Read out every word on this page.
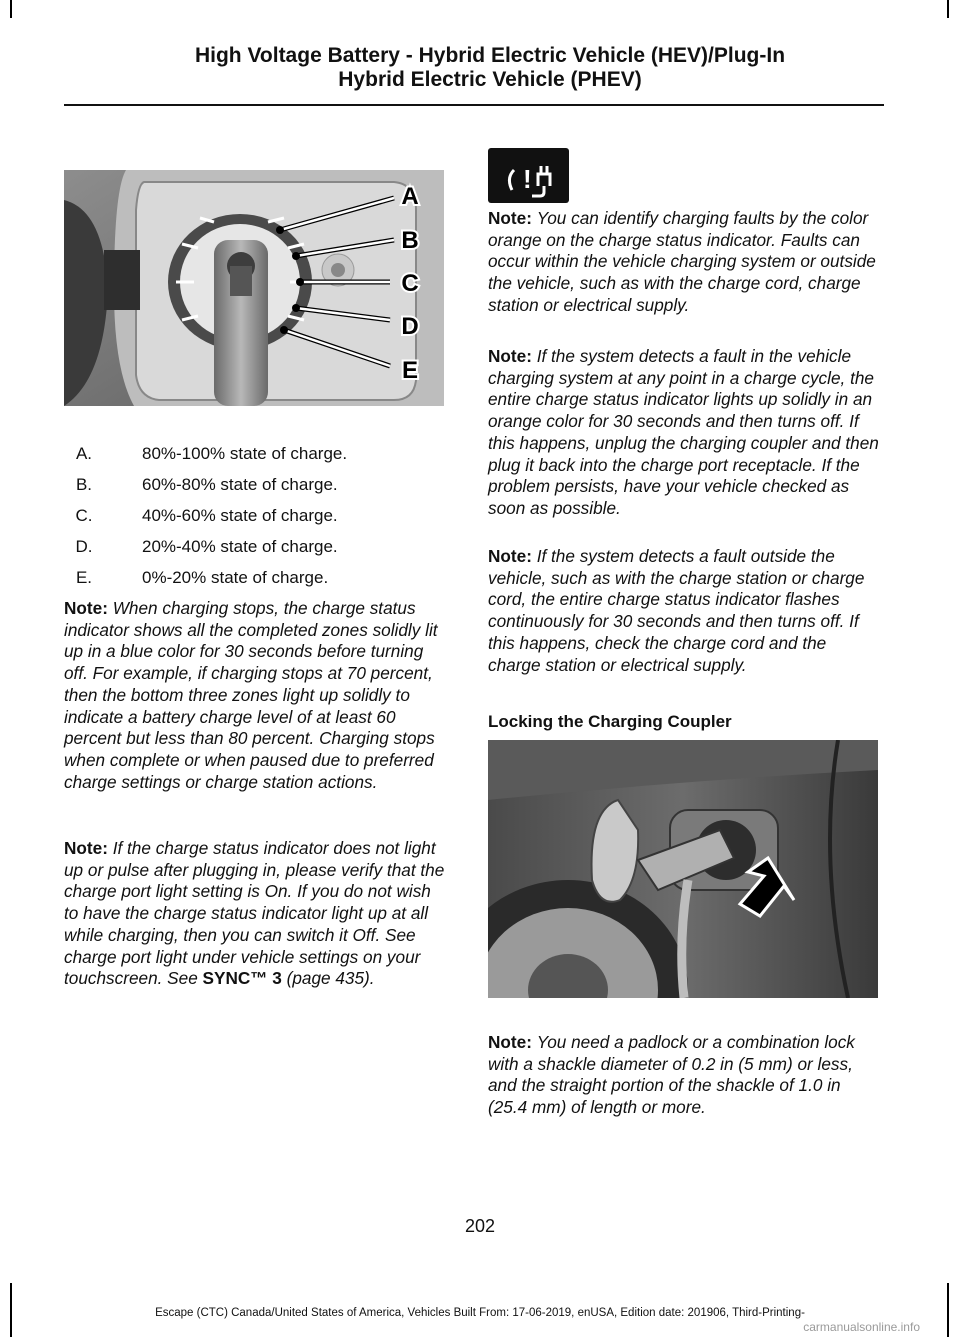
High Voltage Battery - Hybrid Electric Vehicle (HEV)/Plug-In
Hybrid Electric Vehicle (PHEV)
A
B
C
D
E
A.	80%-100% state of charge.
B.	60%-80% state of charge.
C.	40%-60% state of charge.
D.	20%-40% state of charge.
E.	0%-20% state of charge.
Note: When charging stops, the charge status indicator shows all the completed zones solidly lit up in a blue color for 30 seconds before turning off. For example, if charging stops at 70 percent, then the bottom three zones light up solidly to indicate a battery charge level of at least 60 percent but less than 80 percent. Charging stops when complete or when paused due to preferred charge settings or charge station actions.
Note: If the charge status indicator does not light up or pulse after plugging in, please verify that the charge port light setting is On. If you do not wish to have the charge status indicator light up at all while charging, then you can switch it Off. See charge port light under vehicle settings on your touchscreen. See SYNC™ 3 (page 435).
!
Note: You can identify charging faults by the color orange on the charge status indicator. Faults can occur within the vehicle charging system or outside the vehicle, such as with the charge cord, charge station or electrical supply.
Note: If the system detects a fault in the vehicle charging system at any point in a charge cycle, the entire charge status indicator lights up solidly in an orange color for 30 seconds and then turns off. If this happens, unplug the charging coupler and then plug it back into the charge port receptacle. If the problem persists, have your vehicle checked as soon as possible.
Note: If the system detects a fault outside the vehicle, such as with the charge station or charge cord, the entire charge status indicator flashes continuously for 30 seconds and then turns off. If this happens, check the charge cord and the charge station or electrical supply.
Locking the Charging Coupler
Note: You need a padlock or a combination lock with a shackle diameter of 0.2 in (5 mm) or less, and the straight portion of the shackle of 1.0 in (25.4 mm) of length or more.
202
Escape (CTC) Canada/United States of America, Vehicles Built From: 17-06-2019, enUSA, Edition date: 201906, Third-Printing-
carmanualsonline.info
